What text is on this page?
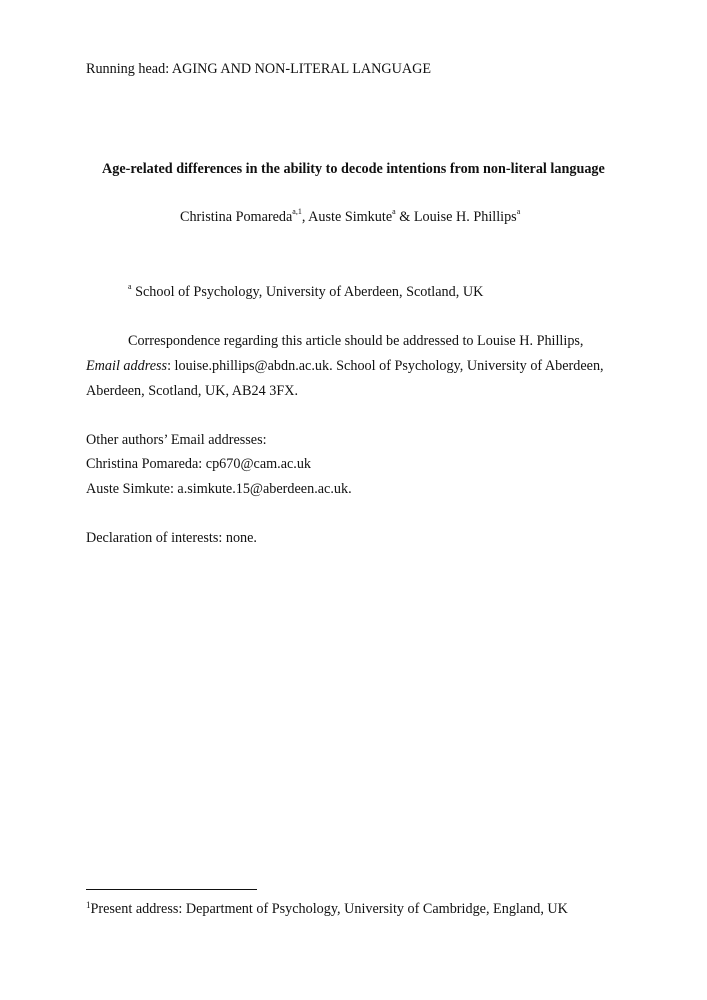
Running head: AGING AND NON-LITERAL LANGUAGE
Age-related differences in the ability to decode intentions from non-literal language
Christina Pomareda$^{a,1}$, Auste Simkute$^a$ & Louise H. Phillips$^a$
$^a$ School of Psychology, University of Aberdeen, Scotland, UK
Correspondence regarding this article should be addressed to Louise H. Phillips,
Email address: louise.phillips@abdn.ac.uk. School of Psychology, University of Aberdeen,
Aberdeen, Scotland, UK, AB24 3FX.
Other authors’ Email addresses:
Christina Pomareda: cp670@cam.ac.uk
Auste Simkute: a.simkute.15@aberdeen.ac.uk.
Declaration of interests: none.
$^1$Present address: Department of Psychology, University of Cambridge, England, UK
